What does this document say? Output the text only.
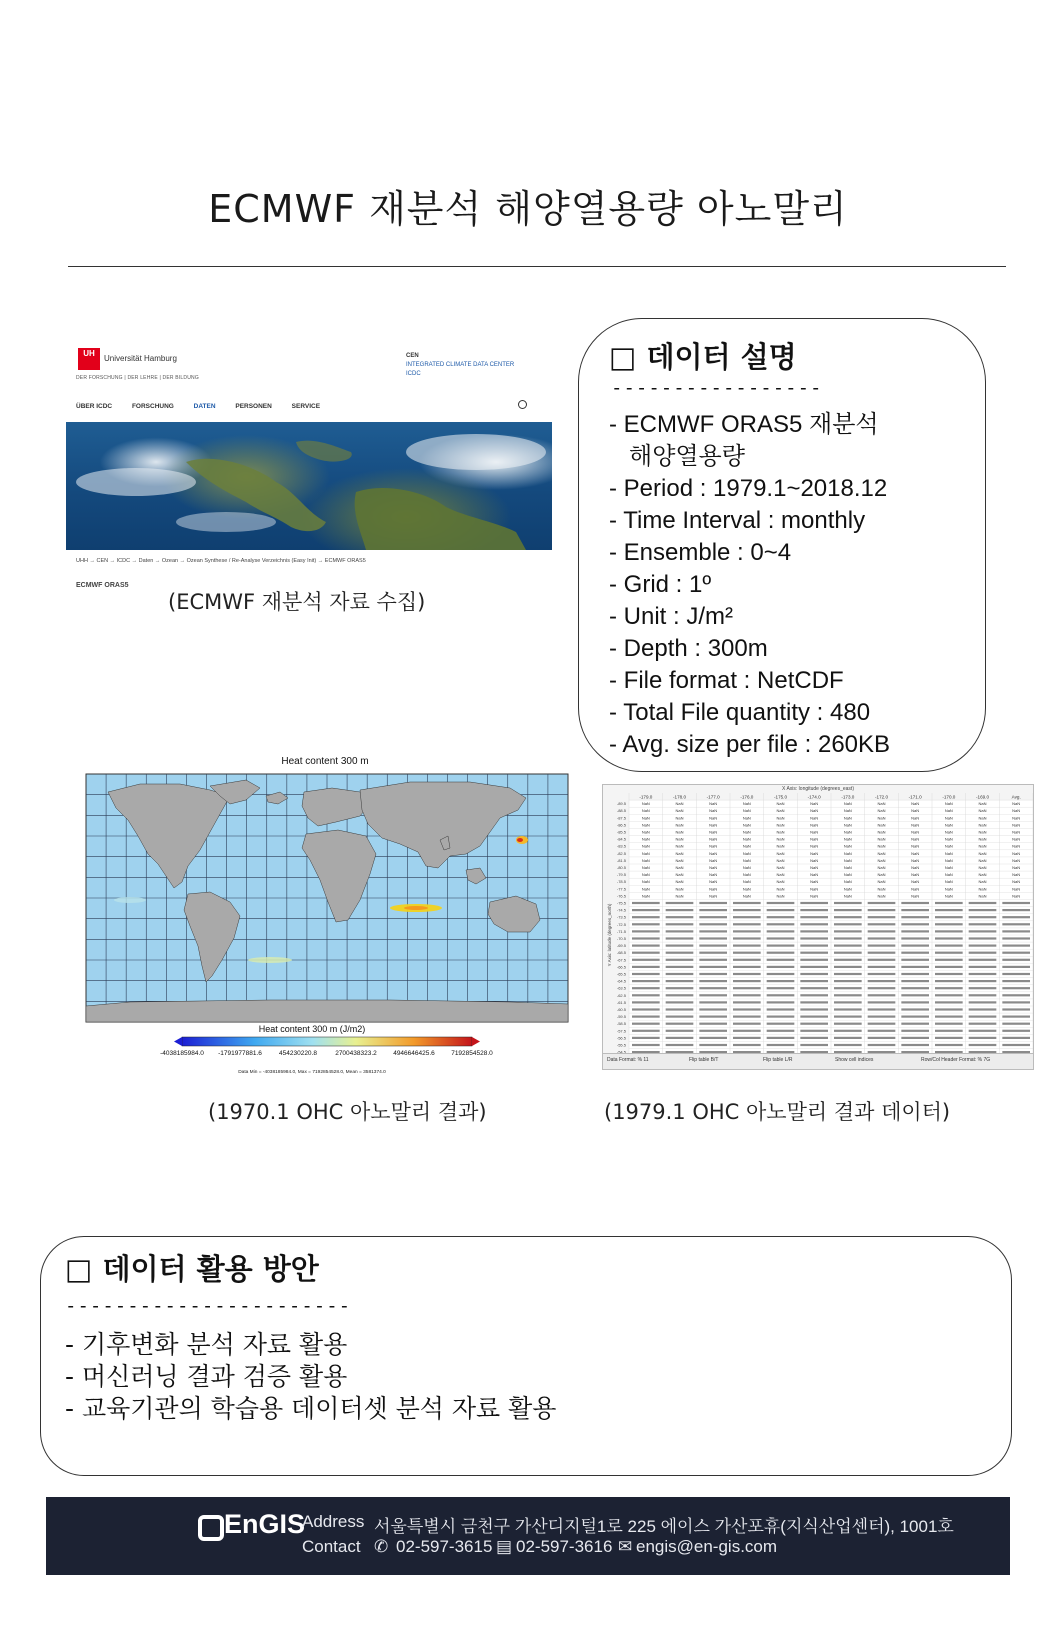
ECMWF 재분석 해양열용량 아노말리
UH
Universität Hamburg
DER FORSCHUNG | DER LEHRE | DER BILDUNG
CEN
INTEGRATED CLIMATE DATA CENTER
ICDC
ÜBER ICDC	FORSCHUNG	DATEN	PERSONEN	SERVICE
UHH → CEN → ICDC → Daten → Ozean → Ozean Synthese / Re-Analyse Verzeichnis (Easy Init) → ECMWF ORAS5
ECMWF ORAS5
(ECMWF 재분석 자료 수집)
□ 데이터 설명
-----------------
- ECMWF ORAS5 재분석
해양열용량
- Period : 1979.1~2018.12
- Time Interval : monthly
- Ensemble : 0~4
- Grid : 1º
- Unit : J/m²
- Depth : 300m
- File format : NetCDF
- Total File quantity : 480
- Avg. size per file : 260KB
Heat content 300 m
Heat content 300 m (J/m2)
-4038185984.0 -1791977881.6	454230220.8	2700438323.2	4946646425.6	7192854528.0
Data Min = -4038185984.0, Max = 7192854528.0, Mean = 3581374.0
(1970.1 OHC 아노말리 결과)
X Axis: longitude (degrees_east)
-179.0	-178.0	-177.0	-176.0	-175.0	-174.0	-173.0	-172.0	-171.0	-170.0	-169.0	Avg.
Y Axis: latitude (degrees_north)
-89.5	NaN	NaN	NaN	NaN	NaN	NaN	NaN	NaN	NaN	NaN	NaN	NaN
-88.5	NaN	NaN	NaN	NaN	NaN	NaN	NaN	NaN	NaN	NaN	NaN	NaN
-87.5	NaN	NaN	NaN	NaN	NaN	NaN	NaN	NaN	NaN	NaN	NaN	NaN
-86.5	NaN	NaN	NaN	NaN	NaN	NaN	NaN	NaN	NaN	NaN	NaN	NaN
-85.5	NaN	NaN	NaN	NaN	NaN	NaN	NaN	NaN	NaN	NaN	NaN	NaN
-84.5	NaN	NaN	NaN	NaN	NaN	NaN	NaN	NaN	NaN	NaN	NaN	NaN
-83.5	NaN	NaN	NaN	NaN	NaN	NaN	NaN	NaN	NaN	NaN	NaN	NaN
-82.5	NaN	NaN	NaN	NaN	NaN	NaN	NaN	NaN	NaN	NaN	NaN	NaN
-81.5	NaN	NaN	NaN	NaN	NaN	NaN	NaN	NaN	NaN	NaN	NaN	NaN
-80.5	NaN	NaN	NaN	NaN	NaN	NaN	NaN	NaN	NaN	NaN	NaN	NaN
-79.5	NaN	NaN	NaN	NaN	NaN	NaN	NaN	NaN	NaN	NaN	NaN	NaN
-78.5	NaN	NaN	NaN	NaN	NaN	NaN	NaN	NaN	NaN	NaN	NaN	NaN
-77.5	NaN	NaN	NaN	NaN	NaN	NaN	NaN	NaN	NaN	NaN	NaN	NaN
-76.5	NaN	NaN	NaN	NaN	NaN	NaN	NaN	NaN	NaN	NaN	NaN	NaN
-75.5
-74.5
-73.5
-72.5
-71.5
-70.5
-69.5
-68.5
-67.5
-66.5
-65.5
-64.5
-63.5
-62.5
-61.5
-60.5
-59.5
-58.5
-57.5
-56.5
-55.5
-54.5
Data Format: % 11	Flip table B/T	Flip table L/R	Show cell indices	Row/Col Header Format: % 7G
(1979.1 OHC 아노말리 결과 데이터)
□ 데이터 활용 방안
-----------------------
- 기후변화 분석 자료 활용
- 머신러닝 결과 검증 활용
- 교육기관의 학습용 데이터셋 분석 자료 활용
EnGIS
Address 서울특별시 금천구 가산디지털1로 225 에이스 가산포휴(지식산업센터), 1001호
Contact ✆ 02-597-3615 ▤ 02-597-3616 ✉ engis@en-gis.com
